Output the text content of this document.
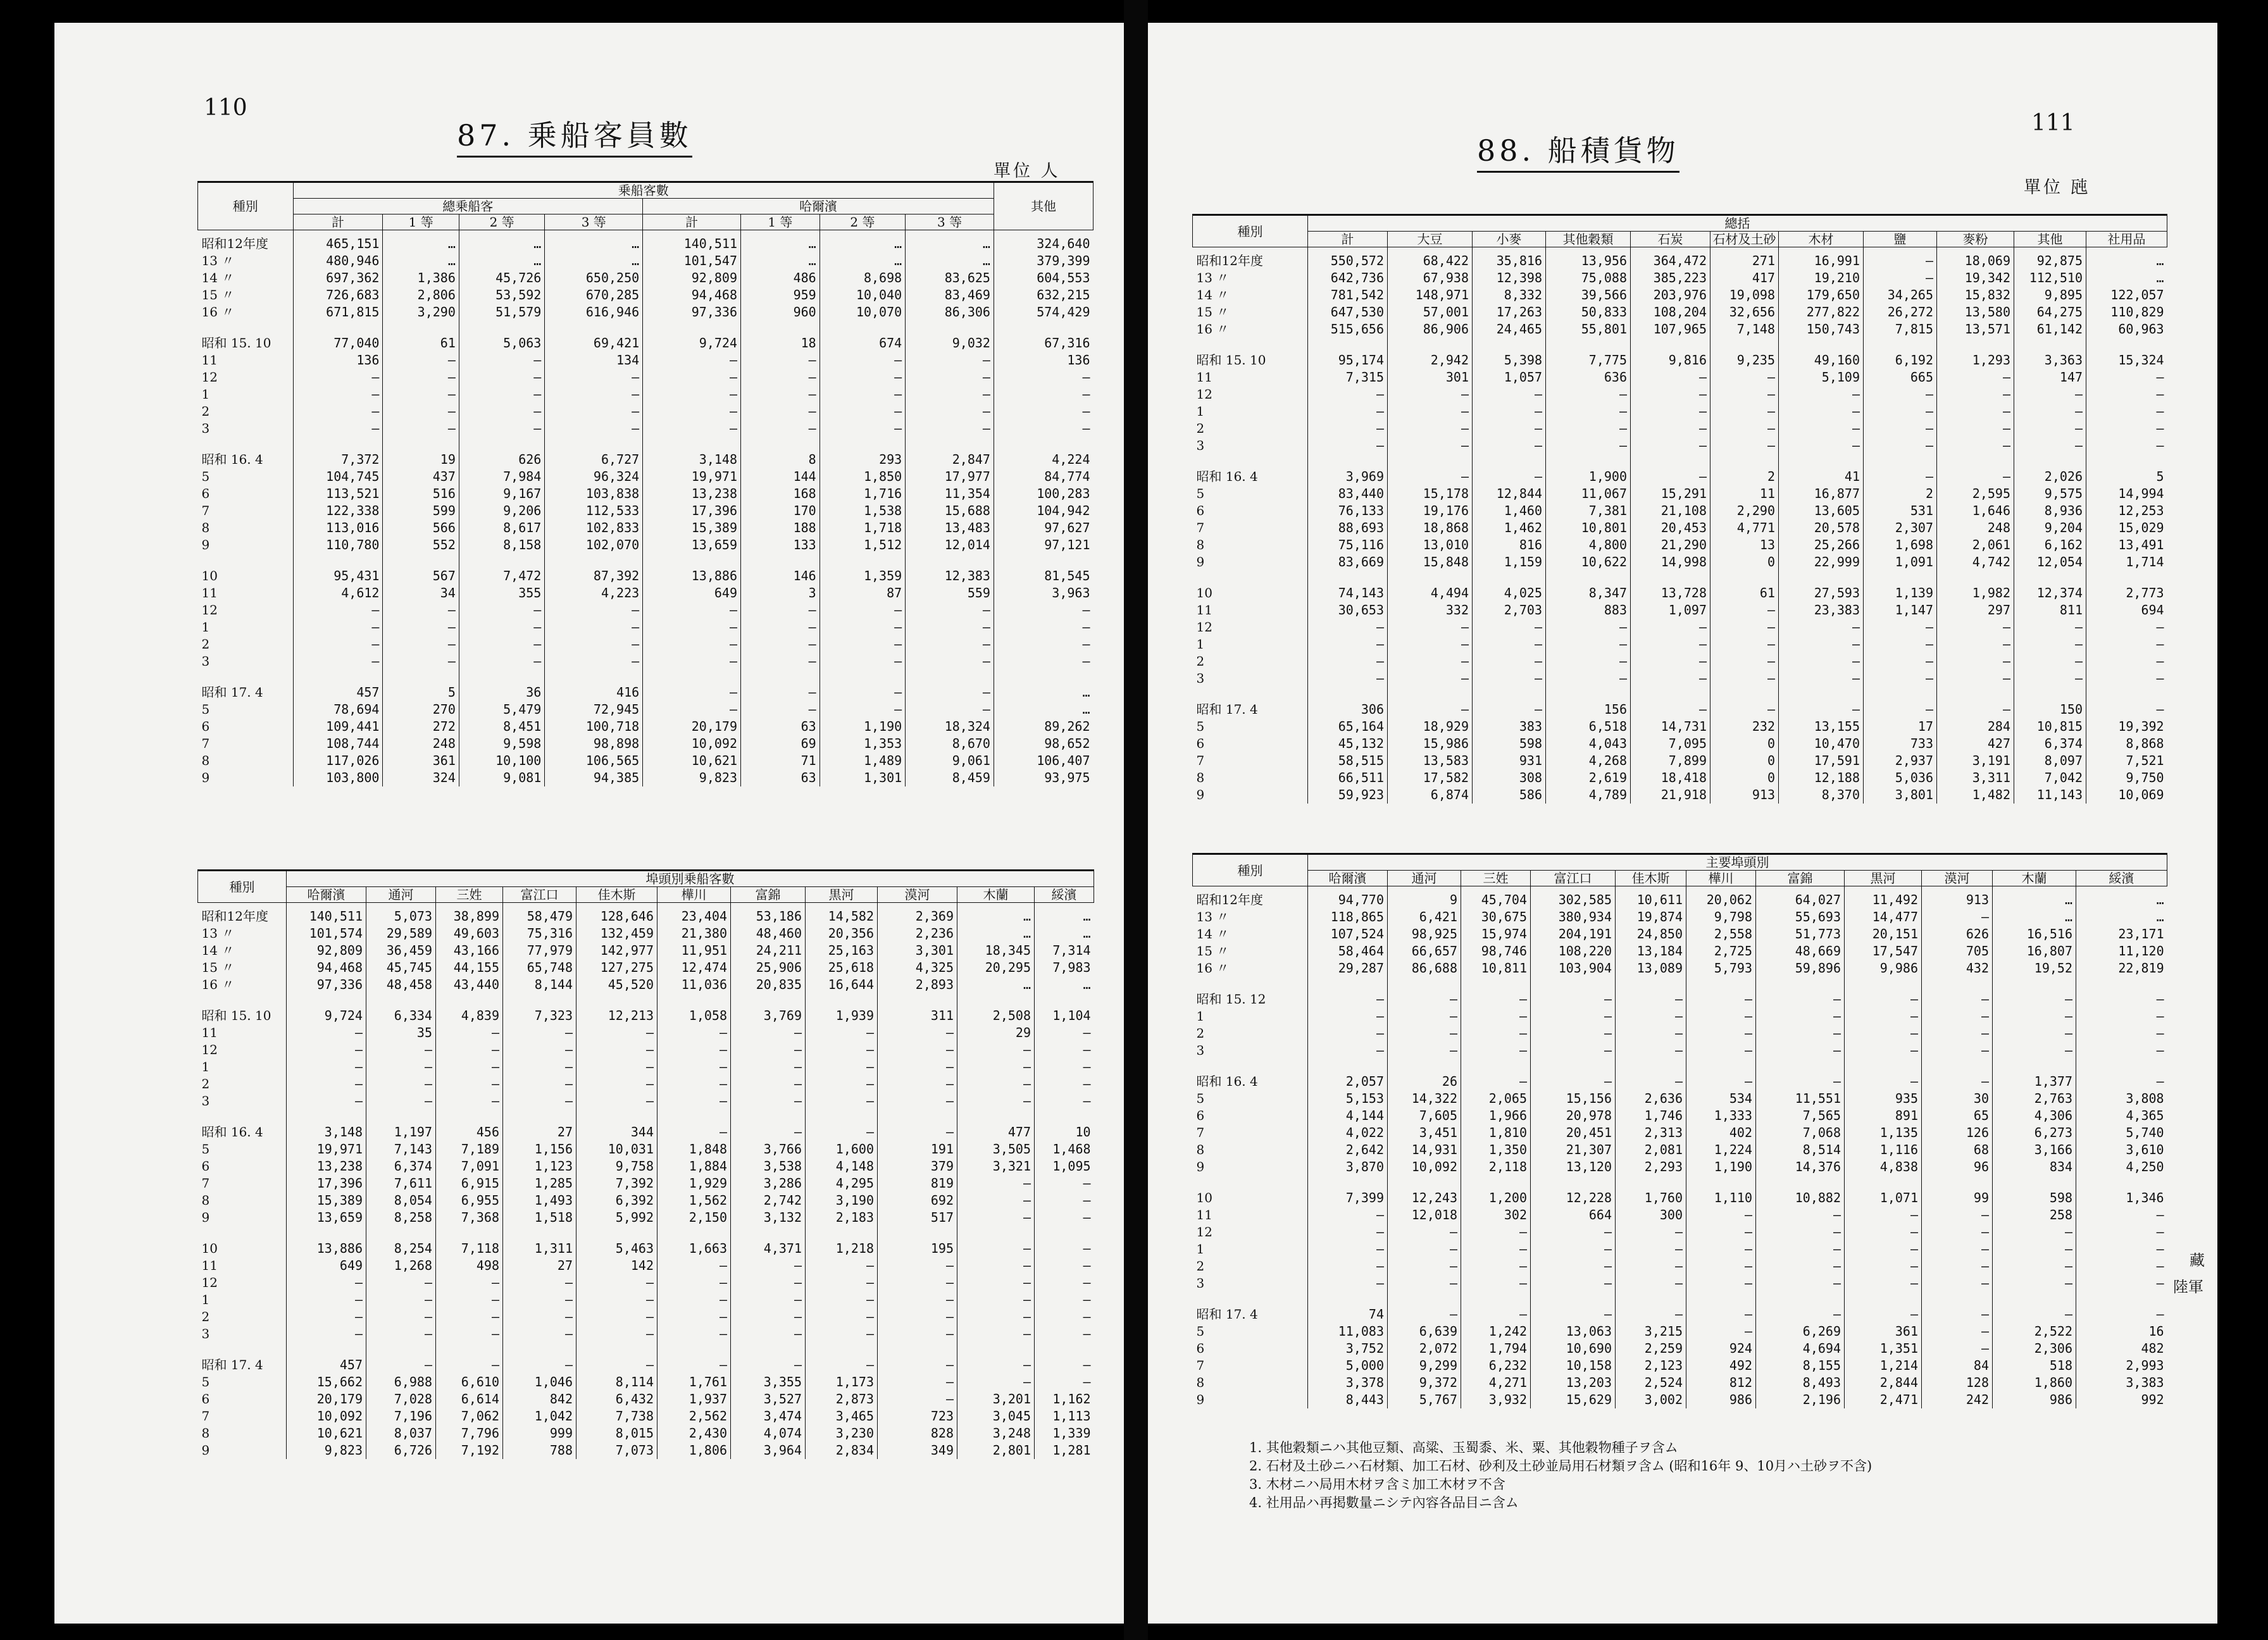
110
87. 乗船客員數
單位 人
種別	乗船客數								其他
	總乗船客				哈爾濱				
	計	1 等	2 等	3 等	計	1 等	2 等	3 等	
昭和12年度	465,151	…	…	…	140,511	…	…	…	324,640
13 〃	480,946	…	…	…	101,547	…	…	…	379,399
14 〃	697,362	1,386	45,726	650,250	92,809	486	8,698	83,625	604,553
15 〃	726,683	2,806	53,592	670,285	94,468	959	10,040	83,469	632,215
16 〃	671,815	3,290	51,579	616,946	97,336	960	10,070	86,306	574,429

昭和 15. 10	77,040	61	5,063	69,421	9,724	18	674	9,032	67,316
11	136	—	—	134	—	—	—	—	136
12	—	—	—	—	—	—	—	—	—
1	—	—	—	—	—	—	—	—	—
2	—	—	—	—	—	—	—	—	—
3	—	—	—	—	—	—	—	—	—

昭和 16. 4	7,372	19	626	6,727	3,148	8	293	2,847	4,224
5	104,745	437	7,984	96,324	19,971	144	1,850	17,977	84,774
6	113,521	516	9,167	103,838	13,238	168	1,716	11,354	100,283
7	122,338	599	9,206	112,533	17,396	170	1,538	15,688	104,942
8	113,016	566	8,617	102,833	15,389	188	1,718	13,483	97,627
9	110,780	552	8,158	102,070	13,659	133	1,512	12,014	97,121

10	95,431	567	7,472	87,392	13,886	146	1,359	12,383	81,545
11	4,612	34	355	4,223	649	3	87	559	3,963
12	—	—	—	—	—	—	—	—	—
1	—	—	—	—	—	—	—	—	—
2	—	—	—	—	—	—	—	—	—
3	—	—	—	—	—	—	—	—	—

昭和 17. 4	457	5	36	416	—	—	—	—	…
5	78,694	270	5,479	72,945	—	—	—	—	…
6	109,441	272	8,451	100,718	20,179	63	1,190	18,324	89,262
7	108,744	248	9,598	98,898	10,092	69	1,353	8,670	98,652
8	117,026	361	10,100	106,565	10,621	71	1,489	9,061	106,407
9	103,800	324	9,081	94,385	9,823	63	1,301	8,459	93,975
種別	埠頭別乗船客數										
	哈爾濱	通河	三姓	富江口	佳木斯	樺川	富錦	黒河	漠河	木蘭	綏濱
昭和12年度	140,511	5,073	38,899	58,479	128,646	23,404	53,186	14,582	2,369	…	…
13 〃	101,574	29,589	49,603	75,316	132,459	21,380	48,460	20,356	2,236	…	…
14 〃	92,809	36,459	43,166	77,979	142,977	11,951	24,211	25,163	3,301	18,345	7,314
15 〃	94,468	45,745	44,155	65,748	127,275	12,474	25,906	25,618	4,325	20,295	7,983
16 〃	97,336	48,458	43,440	8,144	45,520	11,036	20,835	16,644	2,893	…	…

昭和 15. 10	9,724	6,334	4,839	7,323	12,213	1,058	3,769	1,939	311	2,508	1,104
11	—	35	—	—	—	—	—	—	—	29	—
12	—	—	—	—	—	—	—	—	—	—	—
1	—	—	—	—	—	—	—	—	—	—	—
2	—	—	—	—	—	—	—	—	—	—	—
3	—	—	—	—	—	—	—	—	—	—	—

昭和 16. 4	3,148	1,197	456	27	344	—	—	—	—	477	10
5	19,971	7,143	7,189	1,156	10,031	1,848	3,766	1,600	191	3,505	1,468
6	13,238	6,374	7,091	1,123	9,758	1,884	3,538	4,148	379	3,321	1,095
7	17,396	7,611	6,915	1,285	7,392	1,929	3,286	4,295	819	—	—
8	15,389	8,054	6,955	1,493	6,392	1,562	2,742	3,190	692	—	—
9	13,659	8,258	7,368	1,518	5,992	2,150	3,132	2,183	517	—	—

10	13,886	8,254	7,118	1,311	5,463	1,663	4,371	1,218	195	—	—
11	649	1,268	498	27	142	—	—	—	—	—	—
12	—	—	—	—	—	—	—	—	—	—	—
1	—	—	—	—	—	—	—	—	—	—	—
2	—	—	—	—	—	—	—	—	—	—	—
3	—	—	—	—	—	—	—	—	—	—	—

昭和 17. 4	457	—	—	—	—	—	—	—	—	—	—
5	15,662	6,988	6,610	1,046	8,114	1,761	3,355	1,173	—	—	—
6	20,179	7,028	6,614	842	6,432	1,937	3,527	2,873	—	3,201	1,162
7	10,092	7,196	7,062	1,042	7,738	2,562	3,474	3,465	723	3,045	1,113
8	10,621	8,037	7,796	999	8,015	2,430	4,074	3,230	828	3,248	1,339
9	9,823	6,726	7,192	788	7,073	1,806	3,964	2,834	349	2,801	1,281
111
88. 船積貨物
單位 瓲
藏
陸軍
種別	總括										
	計	大豆	小麥	其他穀類	石炭	石材及土砂	木材	鹽	麥粉	其他	社用品
昭和12年度	550,572	68,422	35,816	13,956	364,472	271	16,991	—	18,069	92,875	…
13 〃	642,736	67,938	12,398	75,088	385,223	417	19,210	—	19,342	112,510	…
14 〃	781,542	148,971	8,332	39,566	203,976	19,098	179,650	34,265	15,832	9,895	122,057
15 〃	647,530	57,001	17,263	50,833	108,204	32,656	277,822	26,272	13,580	64,275	110,829
16 〃	515,656	86,906	24,465	55,801	107,965	7,148	150,743	7,815	13,571	61,142	60,963

昭和 15. 10	95,174	2,942	5,398	7,775	9,816	9,235	49,160	6,192	1,293	3,363	15,324
11	7,315	301	1,057	636	—	—	5,109	665	—	147	—
12	—	—	—	—	—	—	—	—	—	—	—
1	—	—	—	—	—	—	—	—	—	—	—
2	—	—	—	—	—	—	—	—	—	—	—
3	—	—	—	—	—	—	—	—	—	—	—

昭和 16. 4	3,969	—	—	1,900	—	2	41	—	—	2,026	5
5	83,440	15,178	12,844	11,067	15,291	11	16,877	2	2,595	9,575	14,994
6	76,133	19,176	1,460	7,381	21,108	2,290	13,605	531	1,646	8,936	12,253
7	88,693	18,868	1,462	10,801	20,453	4,771	20,578	2,307	248	9,204	15,029
8	75,116	13,010	816	4,800	21,290	13	25,266	1,698	2,061	6,162	13,491
9	83,669	15,848	1,159	10,622	14,998	0	22,999	1,091	4,742	12,054	1,714

10	74,143	4,494	4,025	8,347	13,728	61	27,593	1,139	1,982	12,374	2,773
11	30,653	332	2,703	883	1,097	—	23,383	1,147	297	811	694
12	—	—	—	—	—	—	—	—	—	—	—
1	—	—	—	—	—	—	—	—	—	—	—
2	—	—	—	—	—	—	—	—	—	—	—
3	—	—	—	—	—	—	—	—	—	—	—

昭和 17. 4	306	—	—	156	—	—	—	—	—	150	—
5	65,164	18,929	383	6,518	14,731	232	13,155	17	284	10,815	19,392
6	45,132	15,986	598	4,043	7,095	0	10,470	733	427	6,374	8,868
7	58,515	13,583	931	4,268	7,899	0	17,591	2,937	3,191	8,097	7,521
8	66,511	17,582	308	2,619	18,418	0	12,188	5,036	3,311	7,042	9,750
9	59,923	6,874	586	4,789	21,918	913	8,370	3,801	1,482	11,143	10,069
種別	主要埠頭別										
	哈爾濱	通河	三姓	富江口	佳木斯	樺川	富錦	黒河	漠河	木蘭	綏濱
昭和12年度	94,770	9	45,704	302,585	10,611	20,062	64,027	11,492	913	…	…
13 〃	118,865	6,421	30,675	380,934	19,874	9,798	55,693	14,477	—	…	…
14 〃	107,524	98,925	15,974	204,191	24,850	2,558	51,773	20,151	626	16,516	23,171
15 〃	58,464	66,657	98,746	108,220	13,184	2,725	48,669	17,547	705	16,807	11,120
16 〃	29,287	86,688	10,811	103,904	13,089	5,793	59,896	9,986	432	19,52	22,819

昭和 15. 12	—	—	—	—	—	—	—	—	—	—	—
1	—	—	—	—	—	—	—	—	—	—	—
2	—	—	—	—	—	—	—	—	—	—	—
3	—	—	—	—	—	—	—	—	—	—	—

昭和 16. 4	2,057	26	—	—	—	—	—	—	—	1,377	—
5	5,153	14,322	2,065	15,156	2,636	534	11,551	935	30	2,763	3,808
6	4,144	7,605	1,966	20,978	1,746	1,333	7,565	891	65	4,306	4,365
7	4,022	3,451	1,810	20,451	2,313	402	7,068	1,135	126	6,273	5,740
8	2,642	14,931	1,350	21,307	2,081	1,224	8,514	1,116	68	3,166	3,610
9	3,870	10,092	2,118	13,120	2,293	1,190	14,376	4,838	96	834	4,250

10	7,399	12,243	1,200	12,228	1,760	1,110	10,882	1,071	99	598	1,346
11	—	12,018	302	664	300	—	—	—	—	258	—
12	—	—	—	—	—	—	—	—	—	—	—
1	—	—	—	—	—	—	—	—	—	—	—
2	—	—	—	—	—	—	—	—	—	—	—
3	—	—	—	—	—	—	—	—	—	—	—

昭和 17. 4	74	—	—	—	—	—	—	—	—	—	—
5	11,083	6,639	1,242	13,063	3,215	—	6,269	361	—	2,522	16
6	3,752	2,072	1,794	10,690	2,259	924	4,694	1,351	—	2,306	482
7	5,000	9,299	6,232	10,158	2,123	492	8,155	1,214	84	518	2,993
8	3,378	9,372	4,271	13,203	2,524	812	8,493	2,844	128	1,860	3,383
9	8,443	5,767	3,932	15,629	3,002	986	2,196	2,471	242	986	992
1. 其他穀類ニハ其他豆類、高粱、玉蜀黍、米、粟、其他穀物種子ヲ含ム
2. 石材及土砂ニハ石材類、加工石材、砂利及土砂並局用石材類ヲ含ム (昭和16年 9、10月ハ土砂ヲ不含)
3. 木材ニハ局用木材ヲ含ミ加工木材ヲ不含
4. 社用品ハ再掲數量ニシテ內容各品目ニ含ム
